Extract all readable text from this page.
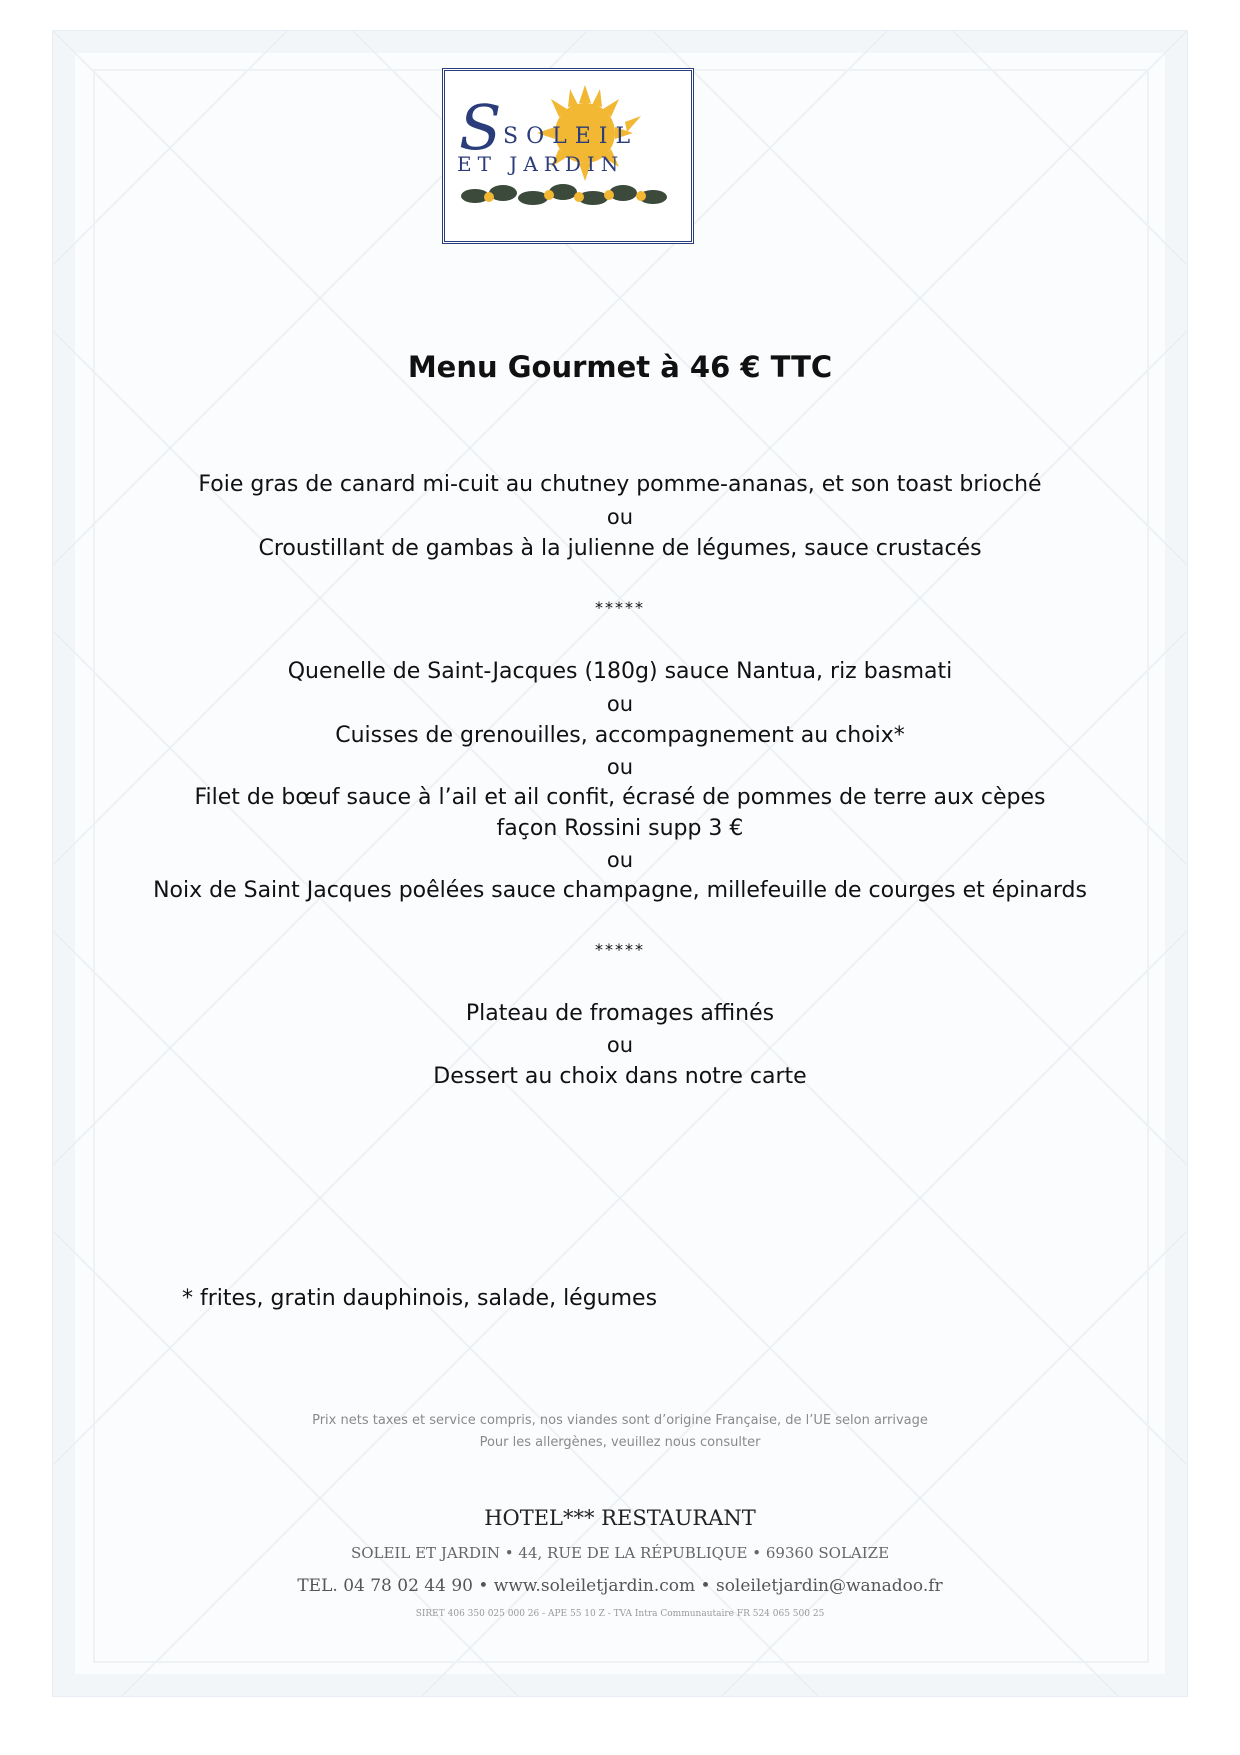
S SOLEIL
ET JARDIN
Menu Gourmet à 46 € TTC
Foie gras de canard mi-cuit au chutney pomme-ananas, et son toast brioché
ou
Croustillant de gambas à la julienne de légumes, sauce crustacés
*****
Quenelle de Saint-Jacques (180g) sauce Nantua, riz basmati
ou
Cuisses de grenouilles, accompagnement au choix*
ou
Filet de bœuf sauce à l’ail et ail confit, écrasé de pommes de terre aux cèpes
façon Rossini supp 3 €
ou
Noix de Saint Jacques poêlées sauce champagne, millefeuille de courges et épinards
*****
Plateau de fromages affinés
ou
Dessert au choix dans notre carte
* frites, gratin dauphinois, salade, légumes
Prix nets taxes et service compris, nos viandes sont d’origine Française, de l’UE selon arrivage
Pour les allergènes, veuillez nous consulter
HOTEL*** RESTAURANT
SOLEIL ET JARDIN • 44, RUE DE LA RÉPUBLIQUE • 69360 SOLAIZE
TEL. 04 78 02 44 90 • www.soleiletjardin.com • soleiletjardin@wanadoo.fr
SIRET 406 350 025 000 26 - APE 55 10 Z - TVA Intra Communautaire FR 524 065 500 25
